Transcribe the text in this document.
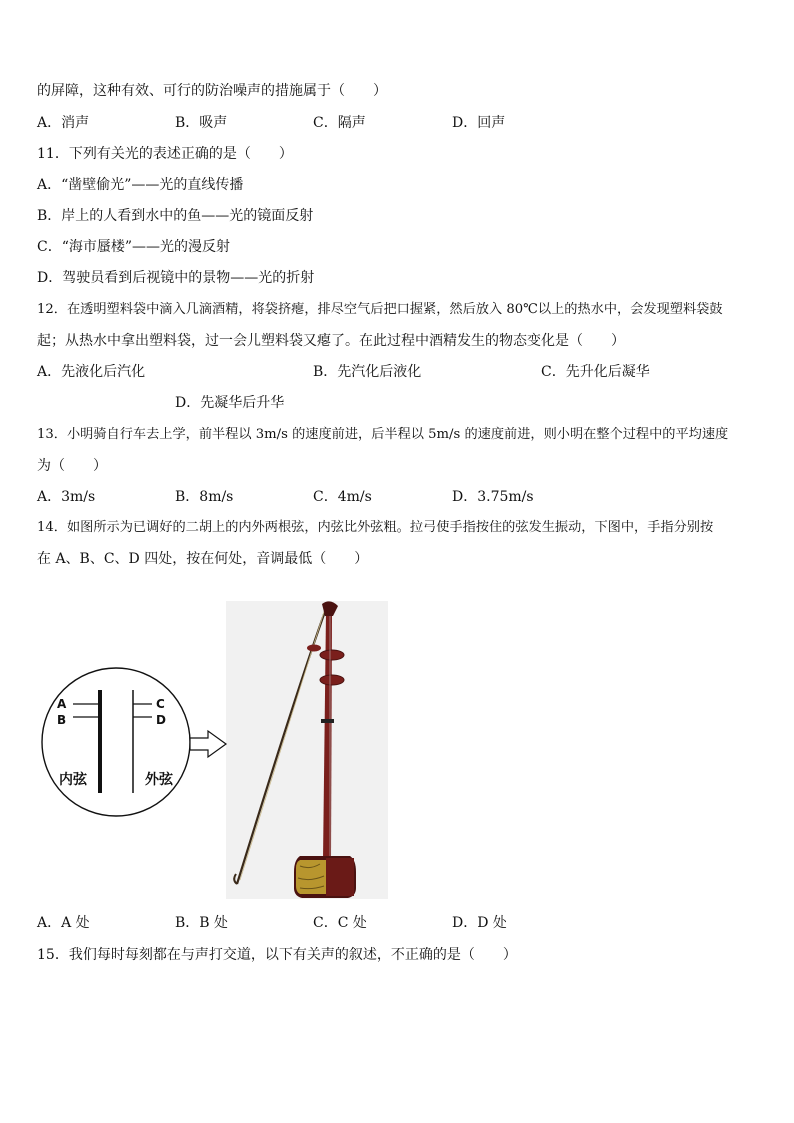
的屏障，这种有效、可行的防治噪声的措施属于（　　）
A．消声	B．吸声	C．隔声	D．回声
11．下列有关光的表述正确的是（　　）
A．“凿壁偷光”——光的直线传播
B．岸上的人看到水中的鱼——光的镜面反射
C．“海市蜃楼”——光的漫反射
D．驾驶员看到后视镜中的景物——光的折射
12．在透明塑料袋中滴入几滴酒精，将袋挤瘪，排尽空气后把口握紧，然后放入 80℃以上的热水中，会发现塑料袋鼓
起；从热水中拿出塑料袋，过一会儿塑料袋又瘪了。在此过程中酒精发生的物态变化是（　　）
A．先液化后汽化	B．先汽化后液化	C．先升化后凝华
D．先凝华后升华
13．小明骑自行车去上学，前半程以 3m/s 的速度前进，后半程以 5m/s 的速度前进，则小明在整个过程中的平均速度
为（　　）
A．3m/s	B．8m/s	C．4m/s	D．3.75m/s
14．如图所示为已调好的二胡上的内外两根弦，内弦比外弦粗。拉弓使手指按住的弦发生振动，下图中，手指分别按
在 A、B、C、D 四处，按在何处，音调最低（　　）
A
B
C
D
内弦	外弦
A．A 处	B．B 处	C．C 处	D．D 处
15．我们每时每刻都在与声打交道，以下有关声的叙述，不正确的是（　　）
